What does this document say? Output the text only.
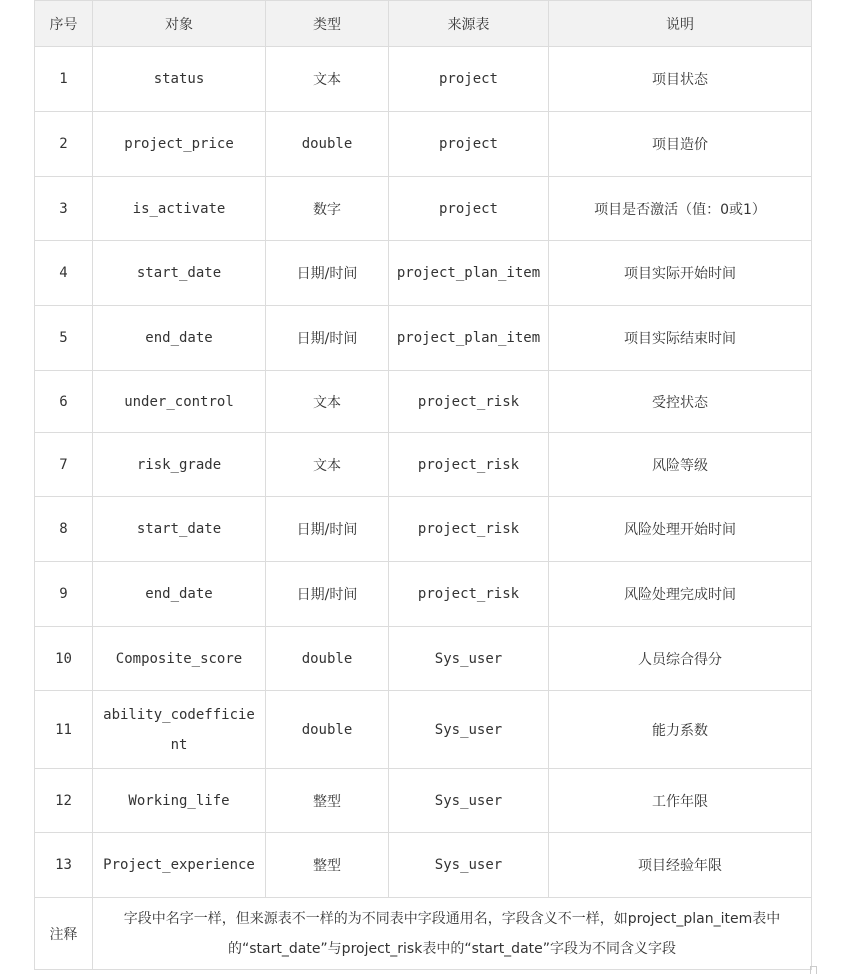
序号	对象	类型	来源表	说明
1	status	文本	project	项目状态
2	project_price	double	project	项目造价
3	is_activate	数字	project	项目是否激活（值：0或1）
4	start_date	日期/时间	project_plan_item	项目实际开始时间
5	end_date	日期/时间	project_plan_item	项目实际结束时间
6	under_control	文本	project_risk	受控状态
7	risk_grade	文本	project_risk	风险等级
8	start_date	日期/时间	project_risk	风险处理开始时间
9	end_date	日期/时间	project_risk	风险处理完成时间
10	Composite_score	double	Sys_user	人员综合得分
11	ability_codefficient	double	Sys_user	能力系数
12	Working_life	整型	Sys_user	工作年限
13	Project_experience	整型	Sys_user	项目经验年限
注释	字段中名字一样，但来源表不一样的为不同表中字段通用名，字段含义不一样，如project_plan_item表中的“start_date”与project_risk表中的“start_date”字段为不同含义字段			
